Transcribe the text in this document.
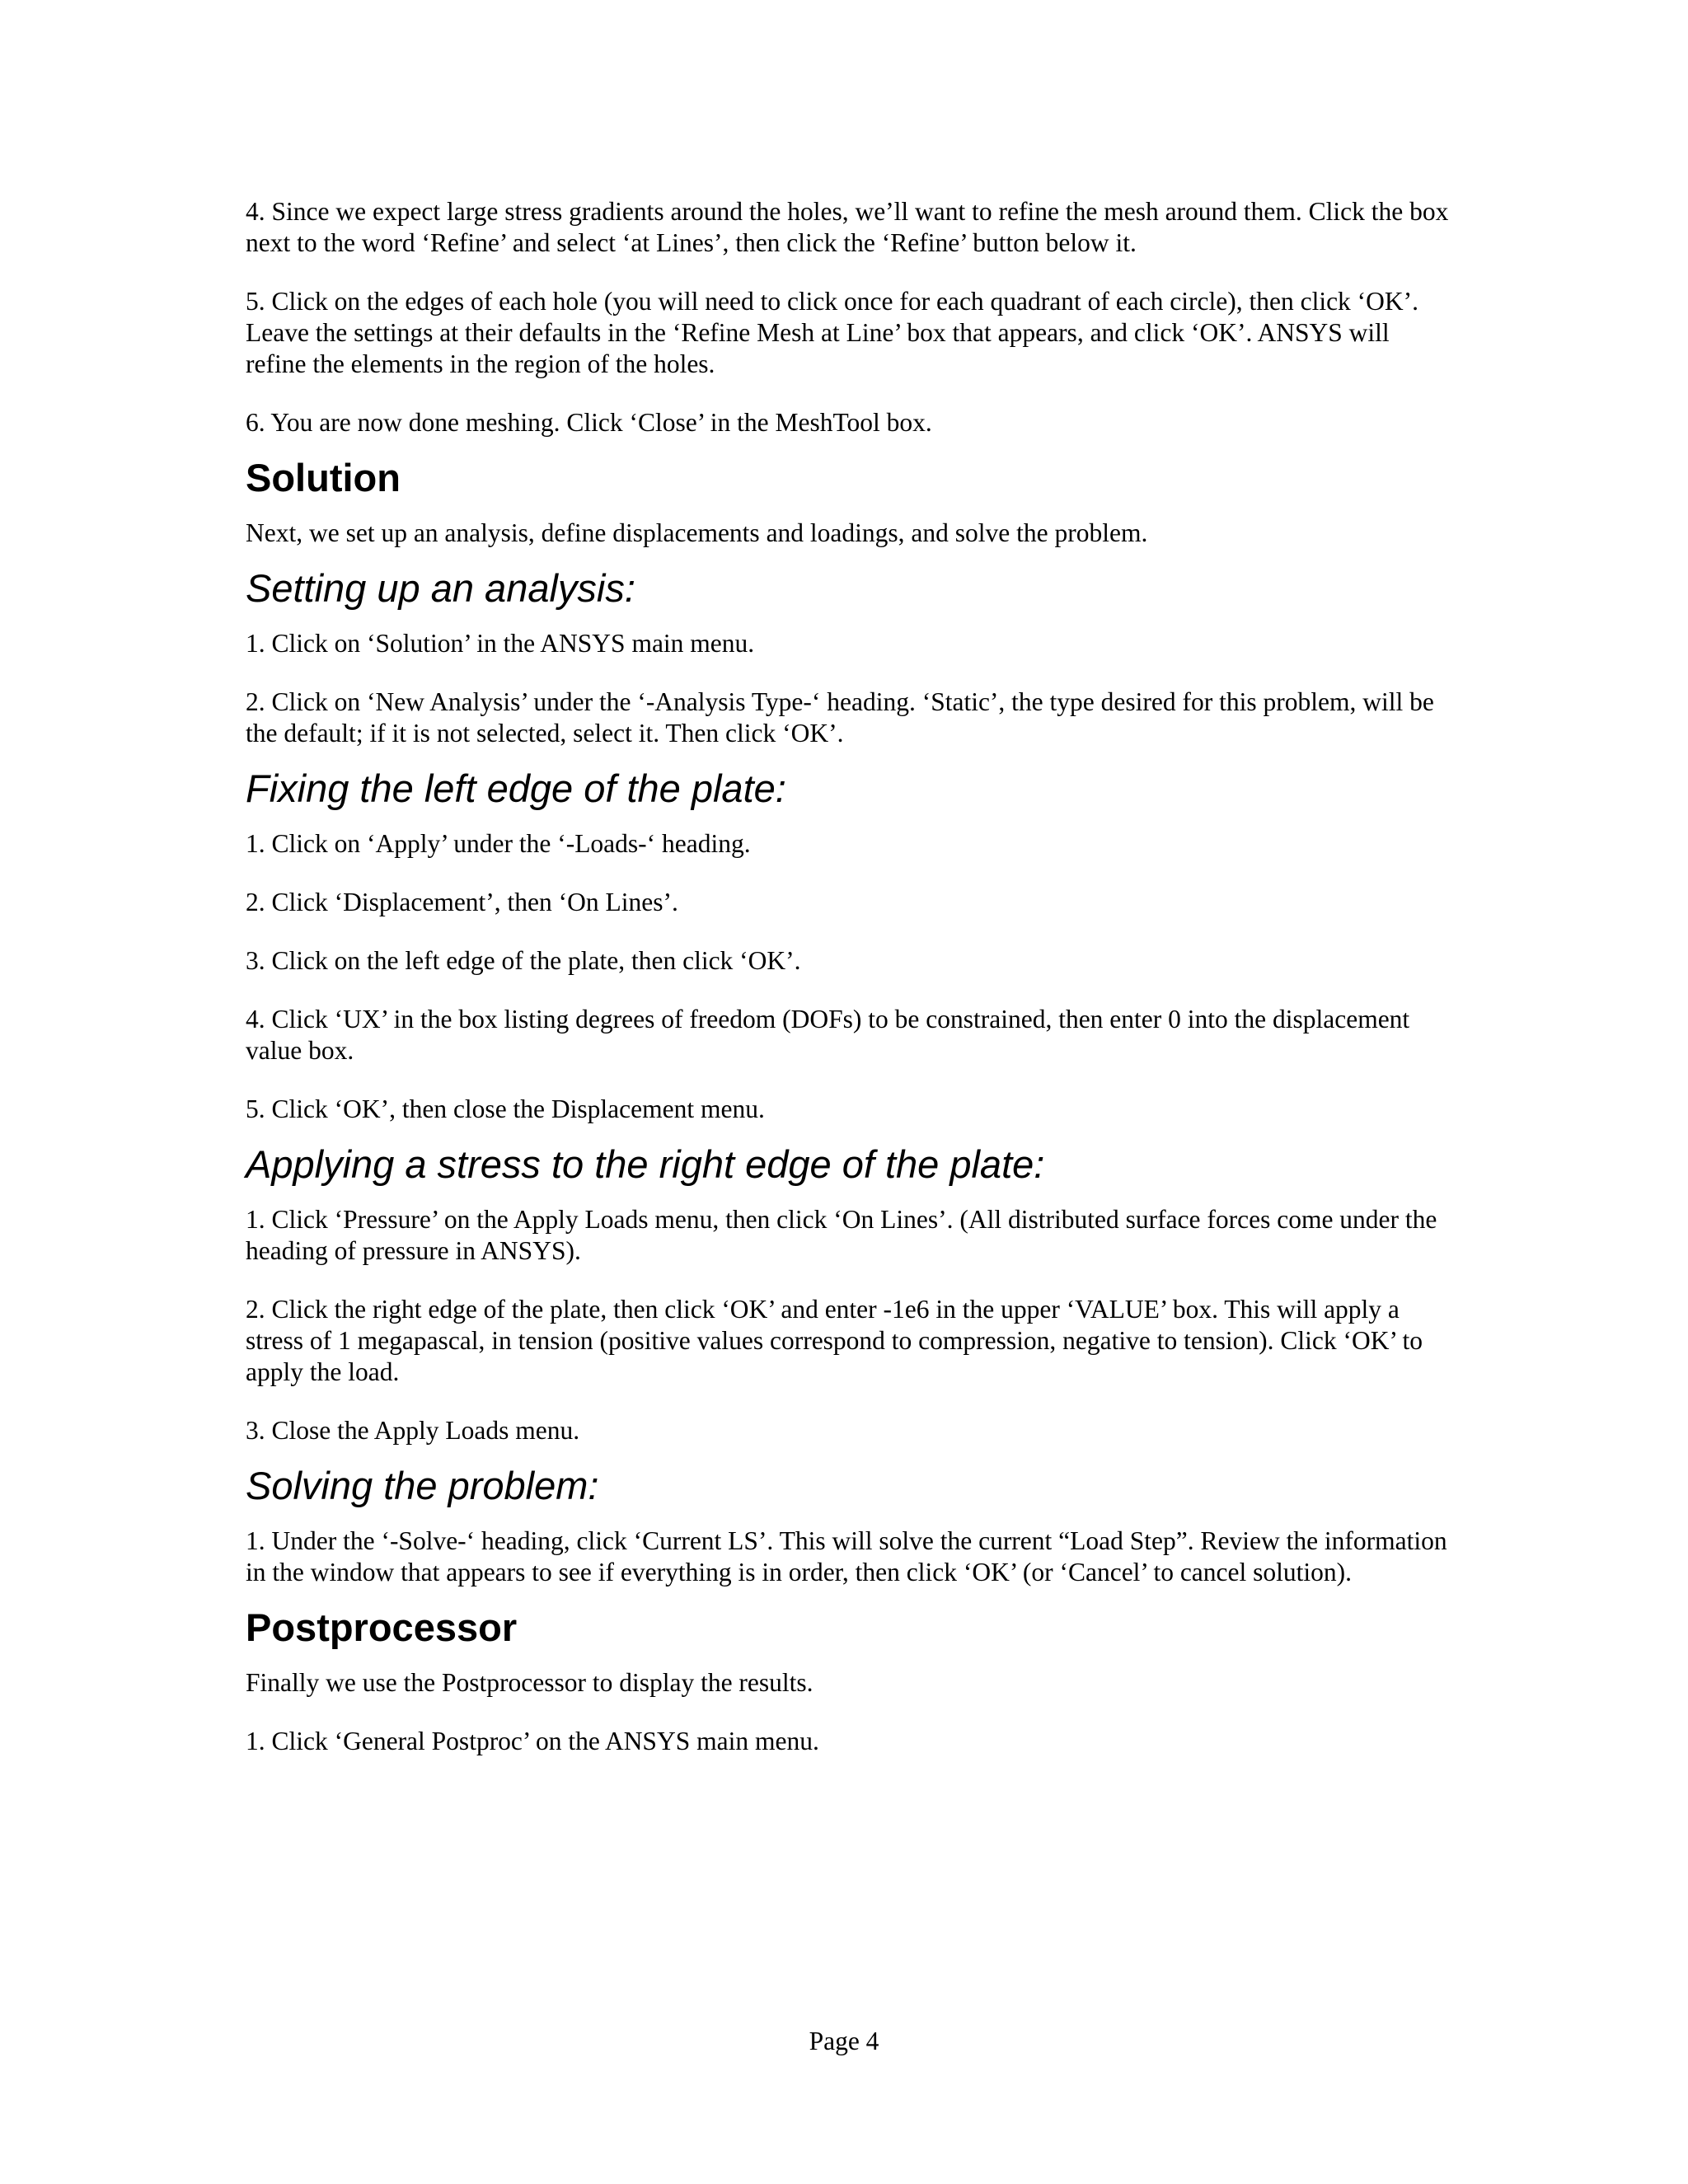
4. Since we expect large stress gradients around the holes, we’ll want to refine the mesh around them. Click the box next to the word ‘Refine’ and select ‘at Lines’, then click the ‘Refine’ button below it.

5. Click on the edges of each hole (you will need to click once for each quadrant of each circle), then click ‘OK’. Leave the settings at their defaults in the ‘Refine Mesh at Line’ box that appears, and click ‘OK’. ANSYS will refine the elements in the region of the holes.

6. You are now done meshing. Click ‘Close’ in the MeshTool box.

Solution

Next, we set up an analysis, define displacements and loadings, and solve the problem.

Setting up an analysis:

1. Click on ‘Solution’ in the ANSYS main menu.

2. Click on ‘New Analysis’ under the ‘-Analysis Type-‘ heading. ‘Static’, the type desired for this problem, will be the default; if it is not selected, select it. Then click ‘OK’.

Fixing the left edge of the plate:

1. Click on ‘Apply’ under the ‘-Loads-‘ heading.

2. Click ‘Displacement’, then ‘On Lines’.

3. Click on the left edge of the plate, then click ‘OK’.

4. Click ‘UX’ in the box listing degrees of freedom (DOFs) to be constrained, then enter 0 into the displacement value box.

5. Click ‘OK’, then close the Displacement menu.

Applying a stress to the right edge of the plate:

1. Click ‘Pressure’ on the Apply Loads menu, then click ‘On Lines’. (All distributed surface forces come under the heading of pressure in ANSYS).

2. Click the right edge of the plate, then click ‘OK’ and enter -1e6 in the upper ‘VALUE’ box. This will apply a stress of 1 megapascal, in tension (positive values correspond to compression, negative to tension). Click ‘OK’ to apply the load.

3. Close the Apply Loads menu.

Solving the problem:

1. Under the ‘-Solve-‘ heading, click ‘Current LS’. This will solve the current “Load Step”. Review the information in the window that appears to see if everything is in order, then click ‘OK’ (or ‘Cancel’ to cancel solution).

Postprocessor

Finally we use the Postprocessor to display the results.

1. Click ‘General Postproc’ on the ANSYS main menu.

Page 4
